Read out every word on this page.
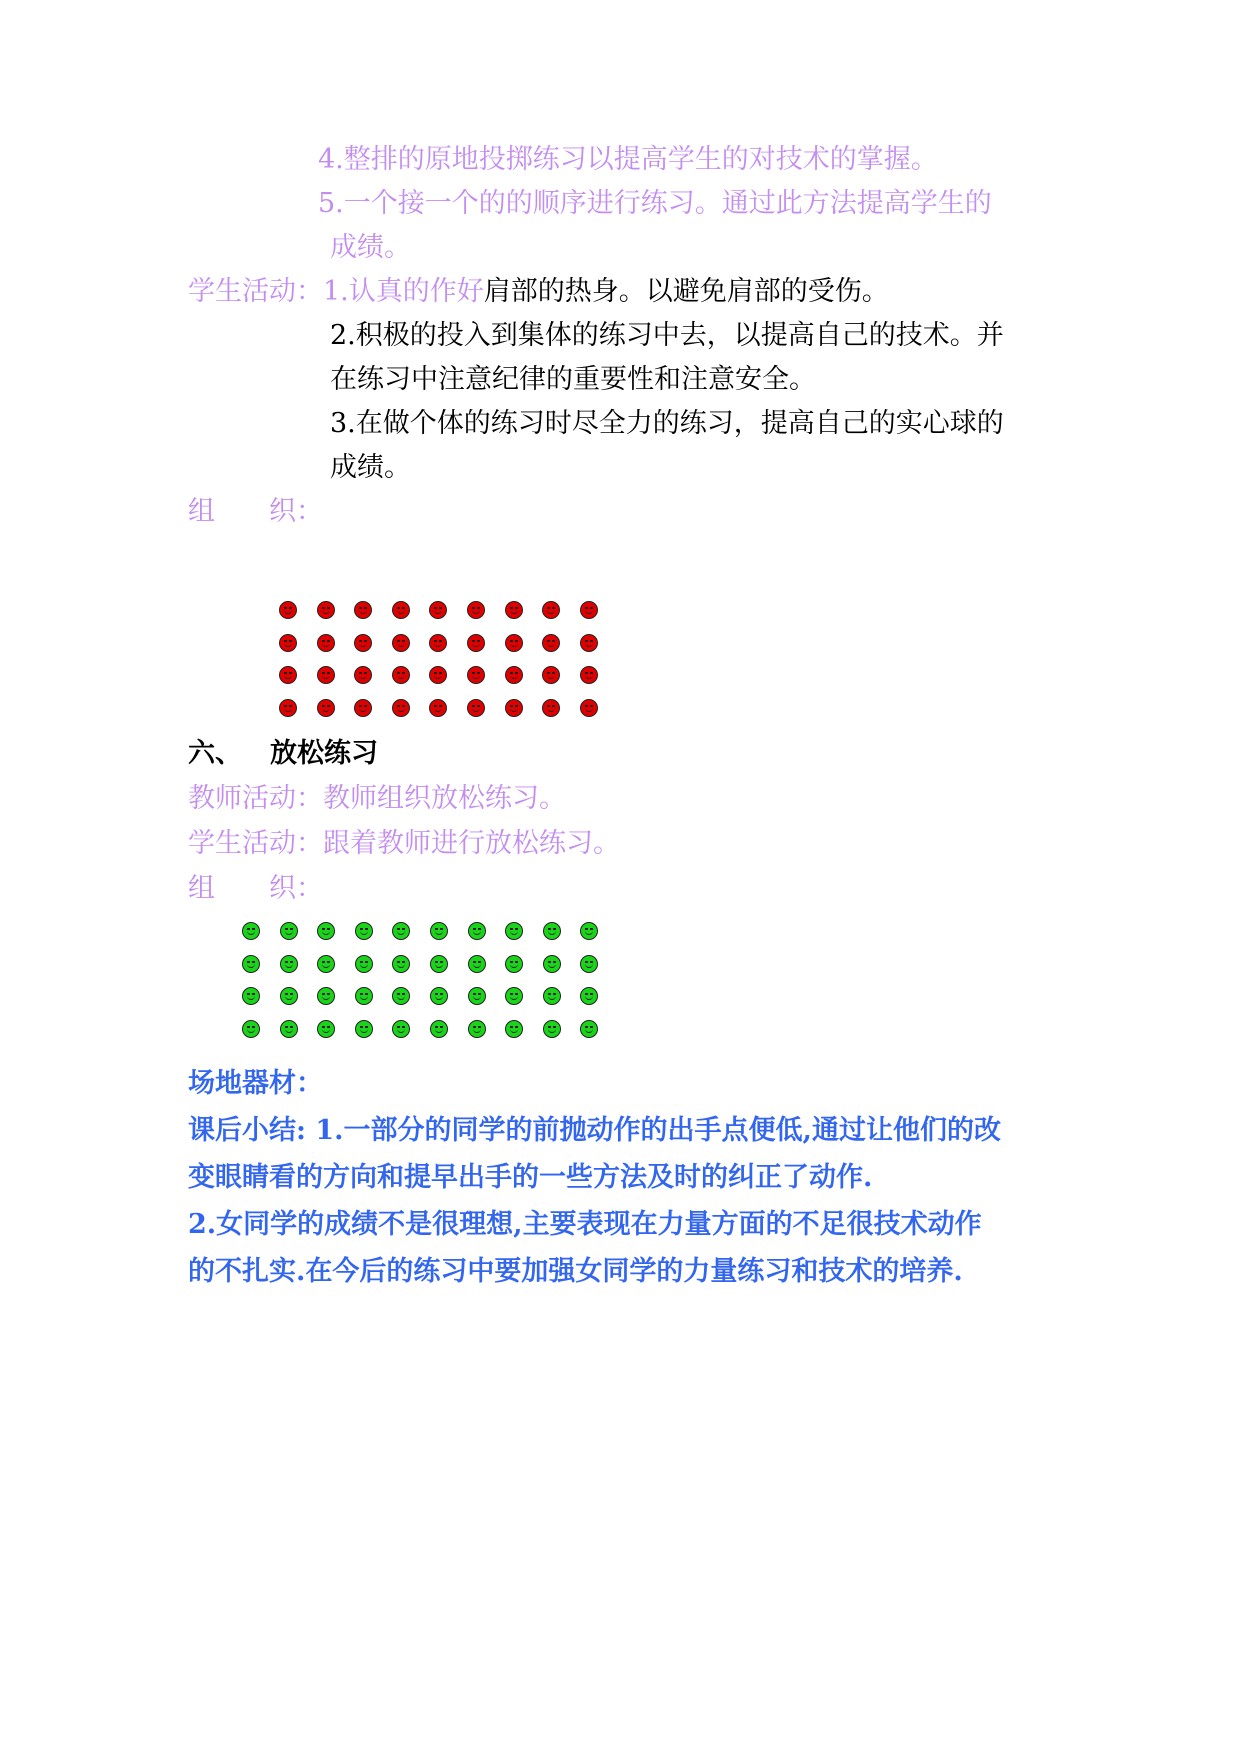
4.整排的原地投掷练习以提高学生的对技术的掌握。
5.一个接一个的的顺序进行练习。通过此方法提高学生的
成绩。
学生活动：1.认真的作好肩部的热身。以避免肩部的受伤。
2.积极的投入到集体的练习中去，以提高自己的技术。并
在练习中注意纪律的重要性和注意安全。
3.在做个体的练习时尽全力的练习，提高自己的实心球的
成绩。
组　　织：
六、 放松练习
教师活动：教师组织放松练习。
学生活动：跟着教师进行放松练习。
组　　织：
场地器材：
课后小结: 1.一部分的同学的前抛动作的出手点便低,通过让他们的改
变眼睛看的方向和提早出手的一些方法及时的纠正了动作.
2.女同学的成绩不是很理想,主要表现在力量方面的不足很技术动作
的不扎实.在今后的练习中要加强女同学的力量练习和技术的培养.
